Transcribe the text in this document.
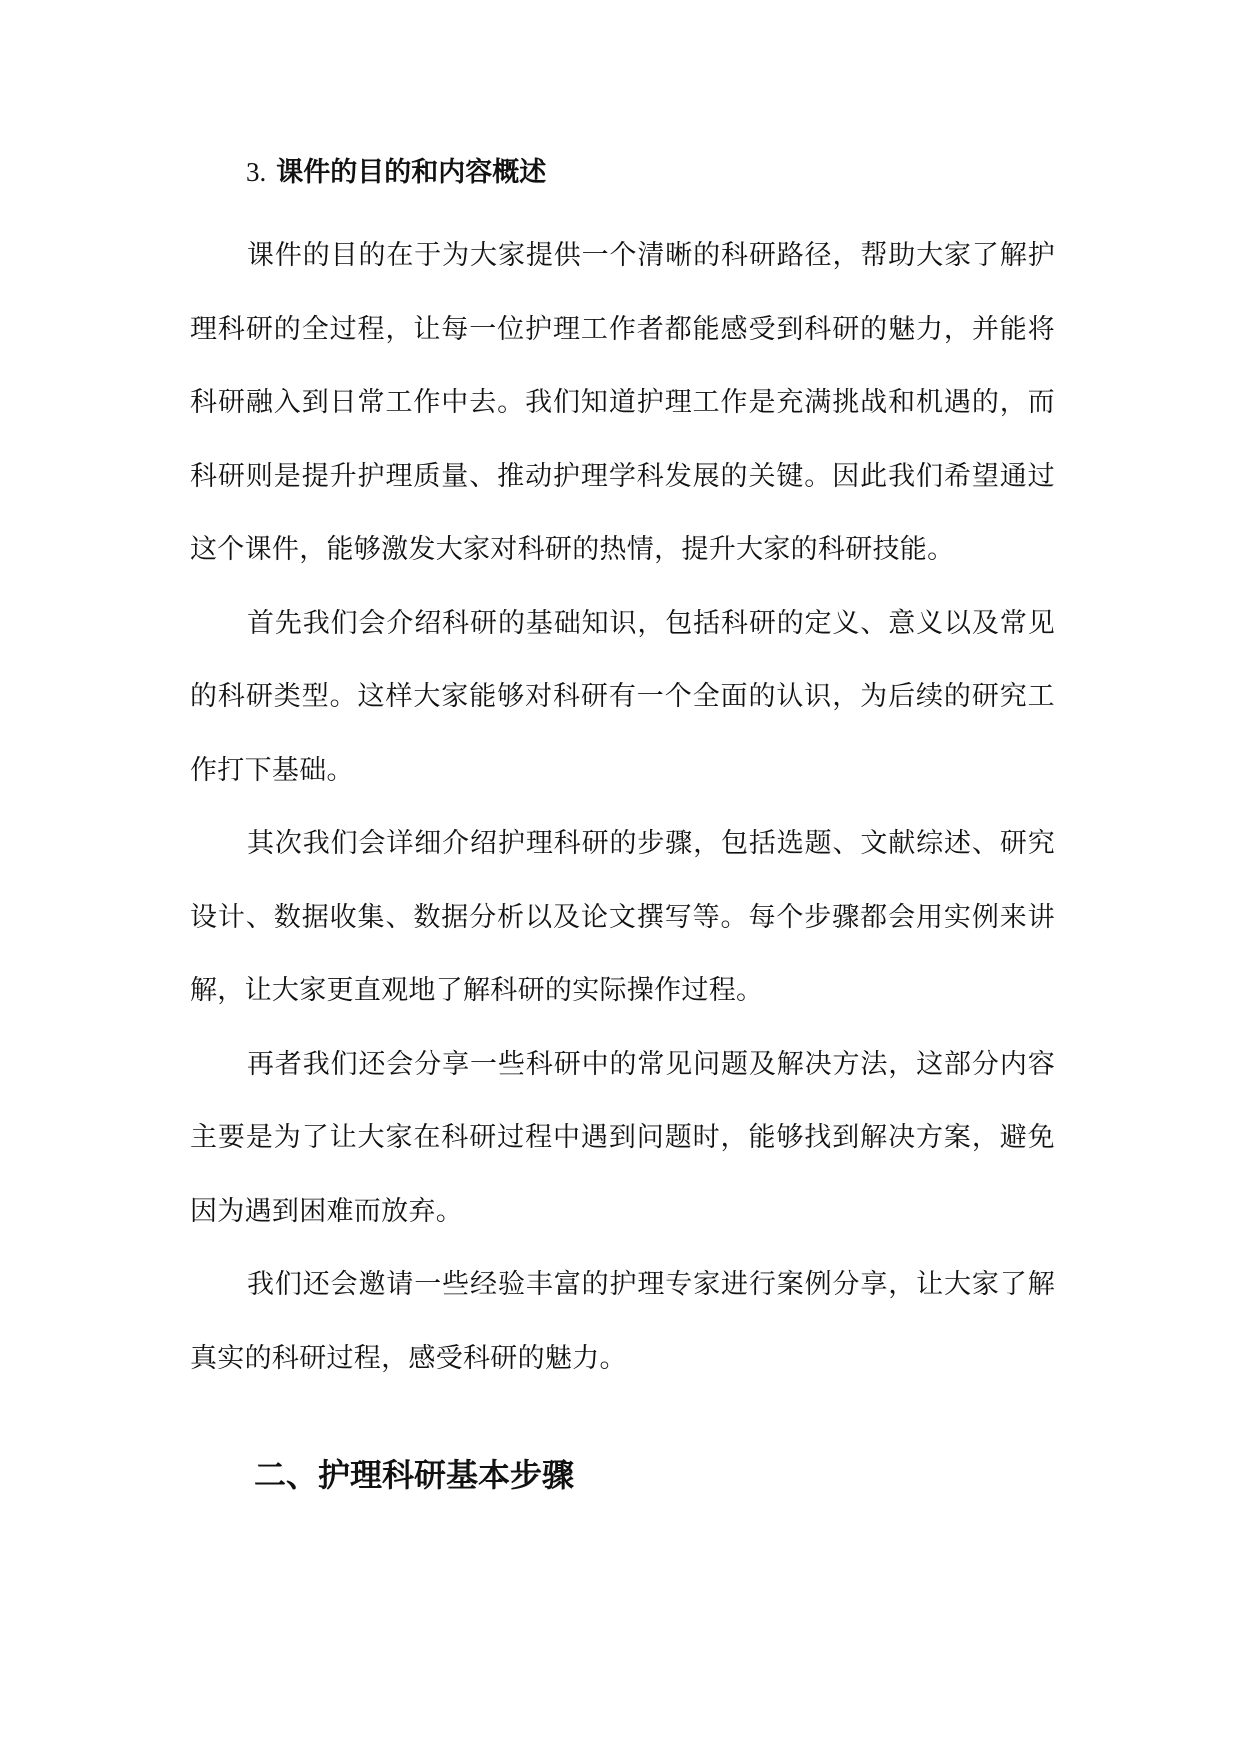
3. 课件的目的和内容概述

课件的目的在于为大家提供一个清晰的科研路径，帮助大家了解护理科研的全过程，让每一位护理工作者都能感受到科研的魅力，并能将科研融入到日常工作中去。我们知道护理工作是充满挑战和机遇的，而科研则是提升护理质量、推动护理学科发展的关键。因此我们希望通过这个课件，能够激发大家对科研的热情，提升大家的科研技能。

首先我们会介绍科研的基础知识，包括科研的定义、意义以及常见的科研类型。这样大家能够对科研有一个全面的认识，为后续的研究工作打下基础。

其次我们会详细介绍护理科研的步骤，包括选题、文献综述、研究设计、数据收集、数据分析以及论文撰写等。每个步骤都会用实例来讲解，让大家更直观地了解科研的实际操作过程。

再者我们还会分享一些科研中的常见问题及解决方法，这部分内容主要是为了让大家在科研过程中遇到问题时，能够找到解决方案，避免因为遇到困难而放弃。

我们还会邀请一些经验丰富的护理专家进行案例分享，让大家了解真实的科研过程，感受科研的魅力。

二、护理科研基本步骤
